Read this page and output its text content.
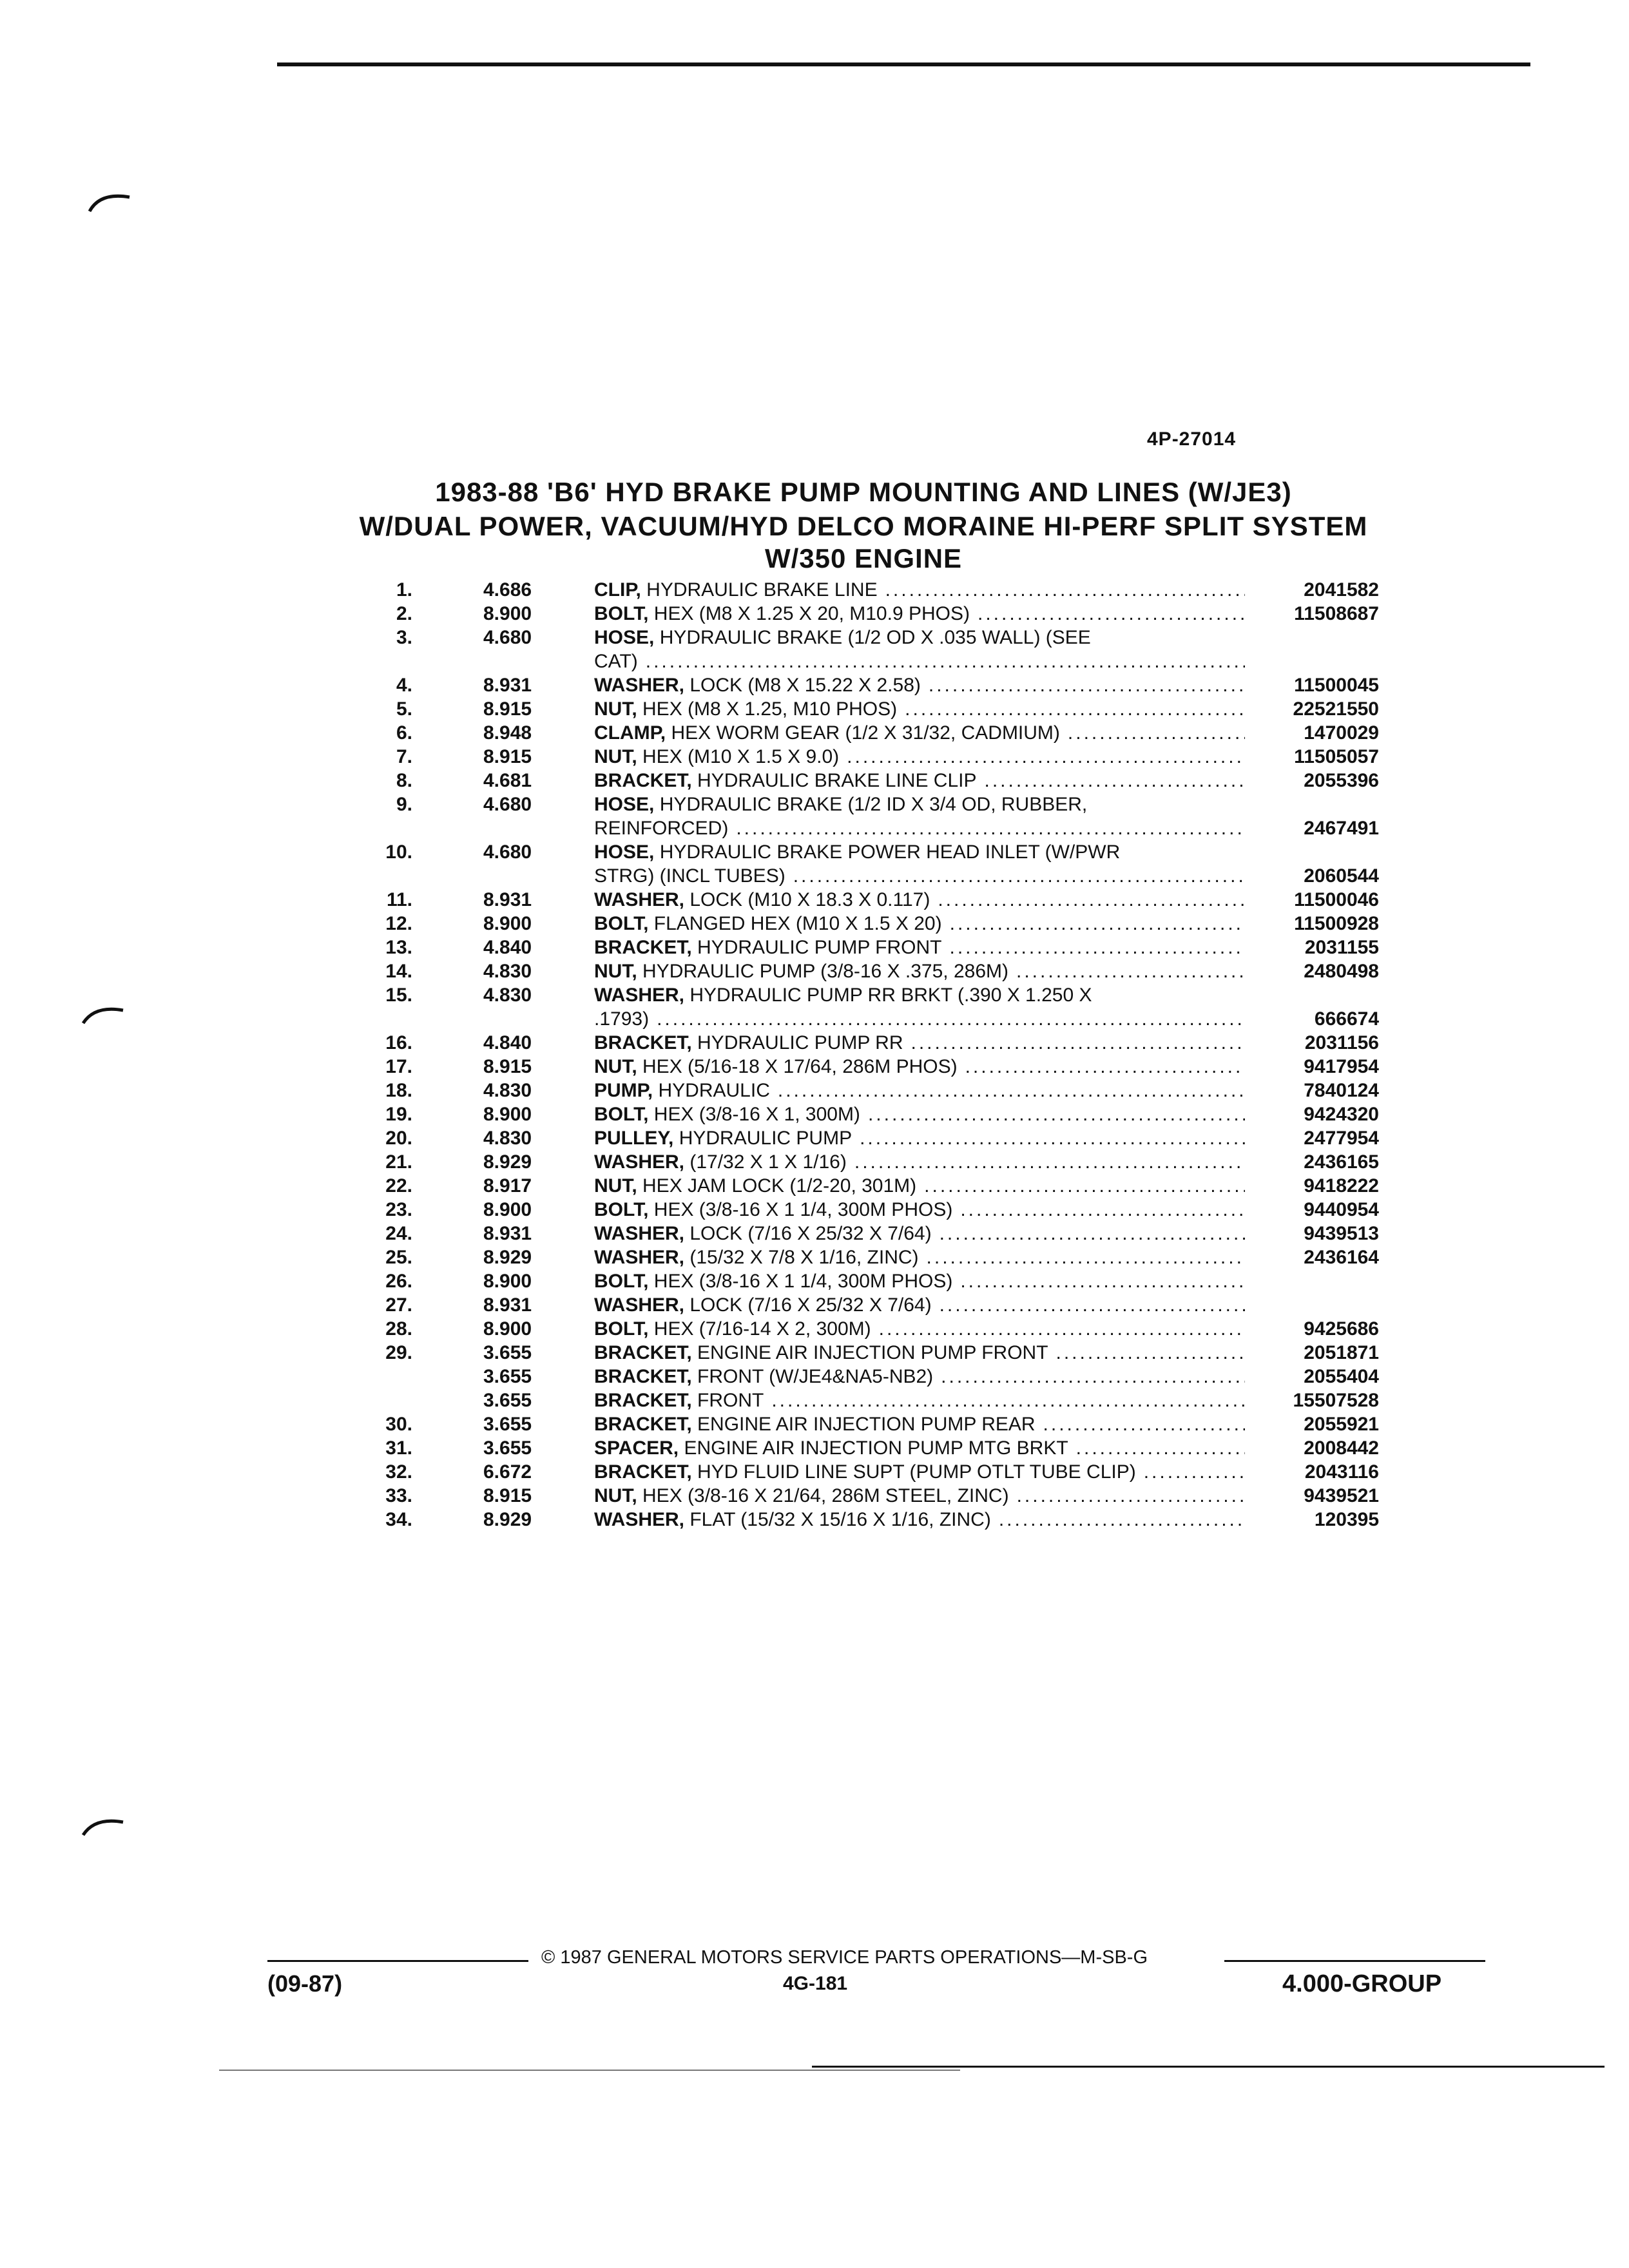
4P-27014
1983-88 'B6' HYD BRAKE PUMP MOUNTING AND LINES (W/JE3)
W/DUAL POWER, VACUUM/HYD DELCO MORAINE HI-PERF SPLIT SYSTEM
W/350 ENGINE
1.	4.686	CLIP, HYDRAULIC BRAKE LINE .....	2041582
2.	8.900	BOLT, HEX (M8 X 1.25 X 20, M10.9 PHOS) .....	11508687
3.	4.680	HOSE, HYDRAULIC BRAKE (1/2 OD X .035 WALL) (SEE
CAT)
.....
4.	8.931	WASHER, LOCK (M8 X 15.22 X 2.58) .....	11500045
5.	8.915	NUT, HEX (M8 X 1.25, M10 PHOS) .....	22521550
6.	8.948	CLAMP, HEX WORM GEAR (1/2 X 31/32, CADMIUM) .....	1470029
7.	8.915	NUT, HEX (M10 X 1.5 X 9.0) .....	11505057
8.	4.681	BRACKET, HYDRAULIC BRAKE LINE CLIP .....	2055396
9.	4.680	HOSE, HYDRAULIC BRAKE (1/2 ID X 3/4 OD, RUBBER,
REINFORCED) .....	2467491
10.	4.680	HOSE, HYDRAULIC BRAKE POWER HEAD INLET (W/PWR
STRG) (INCL TUBES) .....	2060544
11.	8.931	WASHER, LOCK (M10 X 18.3 X 0.117) .....	11500046
12.	8.900	BOLT, FLANGED HEX (M10 X 1.5 X 20) .....	11500928
13.	4.840	BRACKET, HYDRAULIC PUMP FRONT .....	2031155
14.	4.830	NUT, HYDRAULIC PUMP (3/8-16 X .375, 286M) .....	2480498
15.	4.830	WASHER, HYDRAULIC PUMP RR BRKT (.390 X 1.250 X
.1793) .....	666674
16.	4.840	BRACKET, HYDRAULIC PUMP RR .....	2031156
17.	8.915	NUT, HEX (5/16-18 X 17/64, 286M PHOS) .....	9417954
18.	4.830	PUMP, HYDRAULIC .....	7840124
19.	8.900	BOLT, HEX (3/8-16 X 1, 300M) .....	9424320
20.	4.830	PULLEY, HYDRAULIC PUMP .....	2477954
21.	8.929	WASHER, (17/32 X 1 X 1/16) .....	2436165
22.	8.917	NUT, HEX JAM LOCK (1/2-20, 301M) .....	9418222
23.	8.900	BOLT, HEX (3/8-16 X 1 1/4, 300M PHOS) .....	9440954
24.	8.931	WASHER, LOCK (7/16 X 25/32 X 7/64) .....	9439513
25.	8.929	WASHER, (15/32 X 7/8 X 1/16, ZINC) .....	2436164
26.	8.900	BOLT, HEX (3/8-16 X 1 1/4, 300M PHOS)
.....
27.	8.931	WASHER, LOCK (7/16 X 25/32 X 7/64)
.....
28.	8.900	BOLT, HEX (7/16-14 X 2, 300M) .....	9425686
29.	3.655	BRACKET, ENGINE AIR INJECTION PUMP FRONT .....	2051871
3.655	BRACKET, FRONT (W/JE4&NA5-NB2) .....	2055404
3.655	BRACKET, FRONT .....	15507528
30.	3.655	BRACKET, ENGINE AIR INJECTION PUMP REAR .....	2055921
31.	3.655	SPACER, ENGINE AIR INJECTION PUMP MTG BRKT .....	2008442
32.	6.672	BRACKET, HYD FLUID LINE SUPT (PUMP OTLT TUBE CLIP) .....	2043116
33.	8.915	NUT, HEX (3/8-16 X 21/64, 286M STEEL, ZINC) .....	9439521
34.	8.929	WASHER, FLAT (15/32 X 15/16 X 1/16, ZINC) .....	120395
© 1987 GENERAL MOTORS SERVICE PARTS OPERATIONS—M-SB-G
4G-181
(09-87)	4.000-GROUP
